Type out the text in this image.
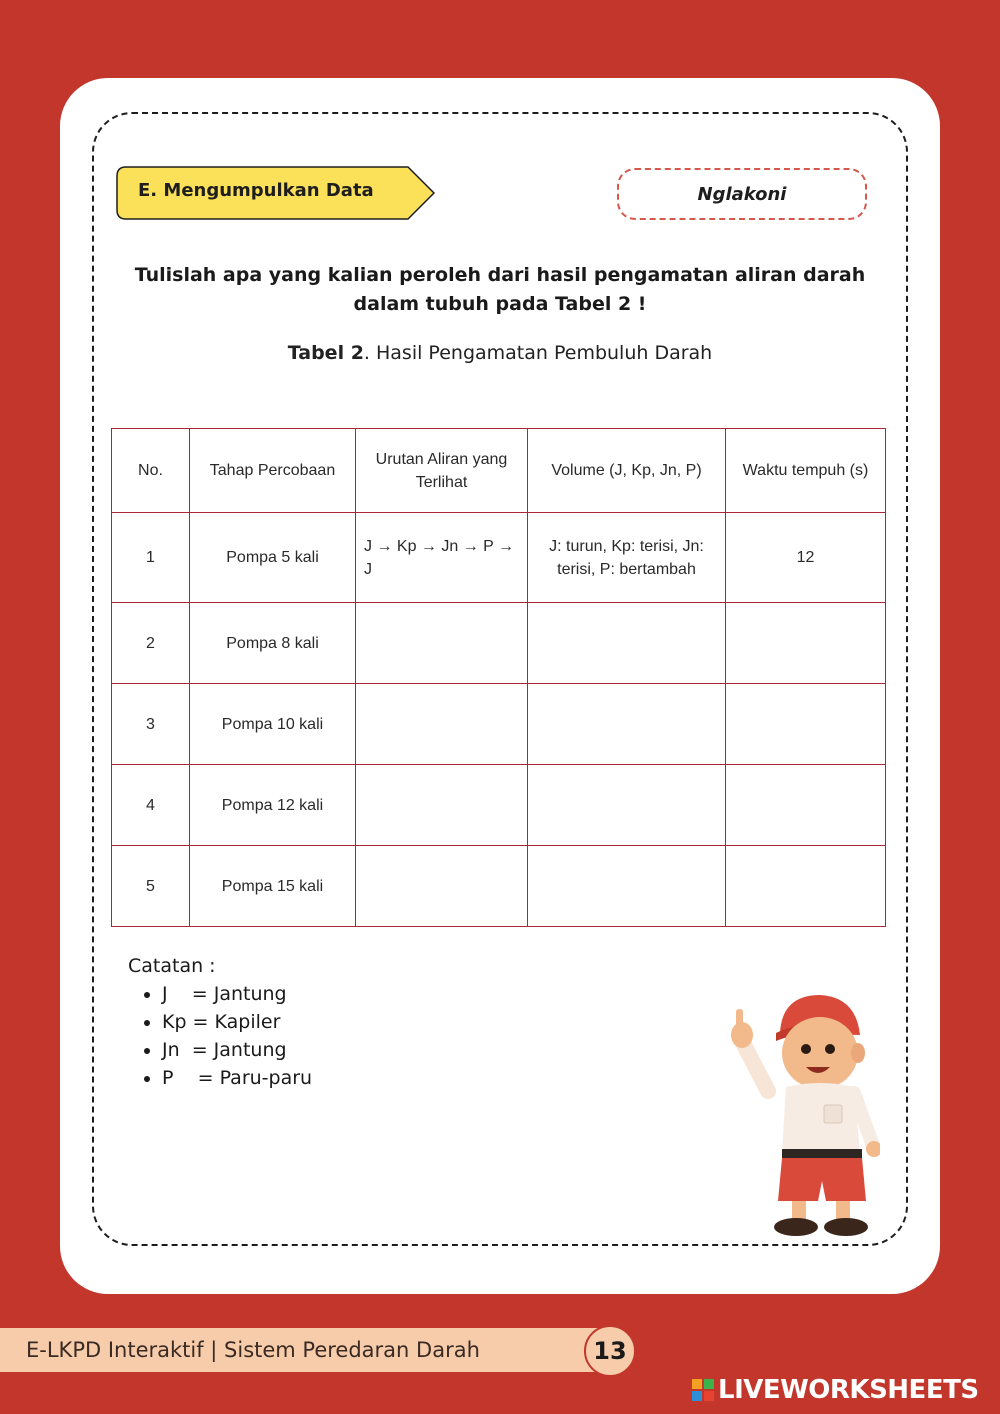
E. Mengumpulkan Data	Nglakoni
Tulislah apa yang kalian peroleh dari hasil pengamatan aliran darah
dalam tubuh pada Tabel 2 !
Tabel 2. Hasil Pengamatan Pembuluh Darah
No.	Tahap Percobaan	Urutan Aliran yang Terlihat	Volume (J, Kp, Jn, P)	Waktu tempuh (s)
1	Pompa 5 kali	J → Kp → Jn → P → J	J: turun, Kp: terisi, Jn: terisi, P: bertambah	12
2	Pompa 8 kali			
3	Pompa 10 kali			
4	Pompa 12 kali			
5	Pompa 15 kali			
Catatan :
• J    = Jantung
• Kp = Kapiler
• Jn  = Jantung
• P    = Paru-paru
E-LKPD Interaktif | Sistem Peredaran Darah	13
LIVEWORKSHEETS
